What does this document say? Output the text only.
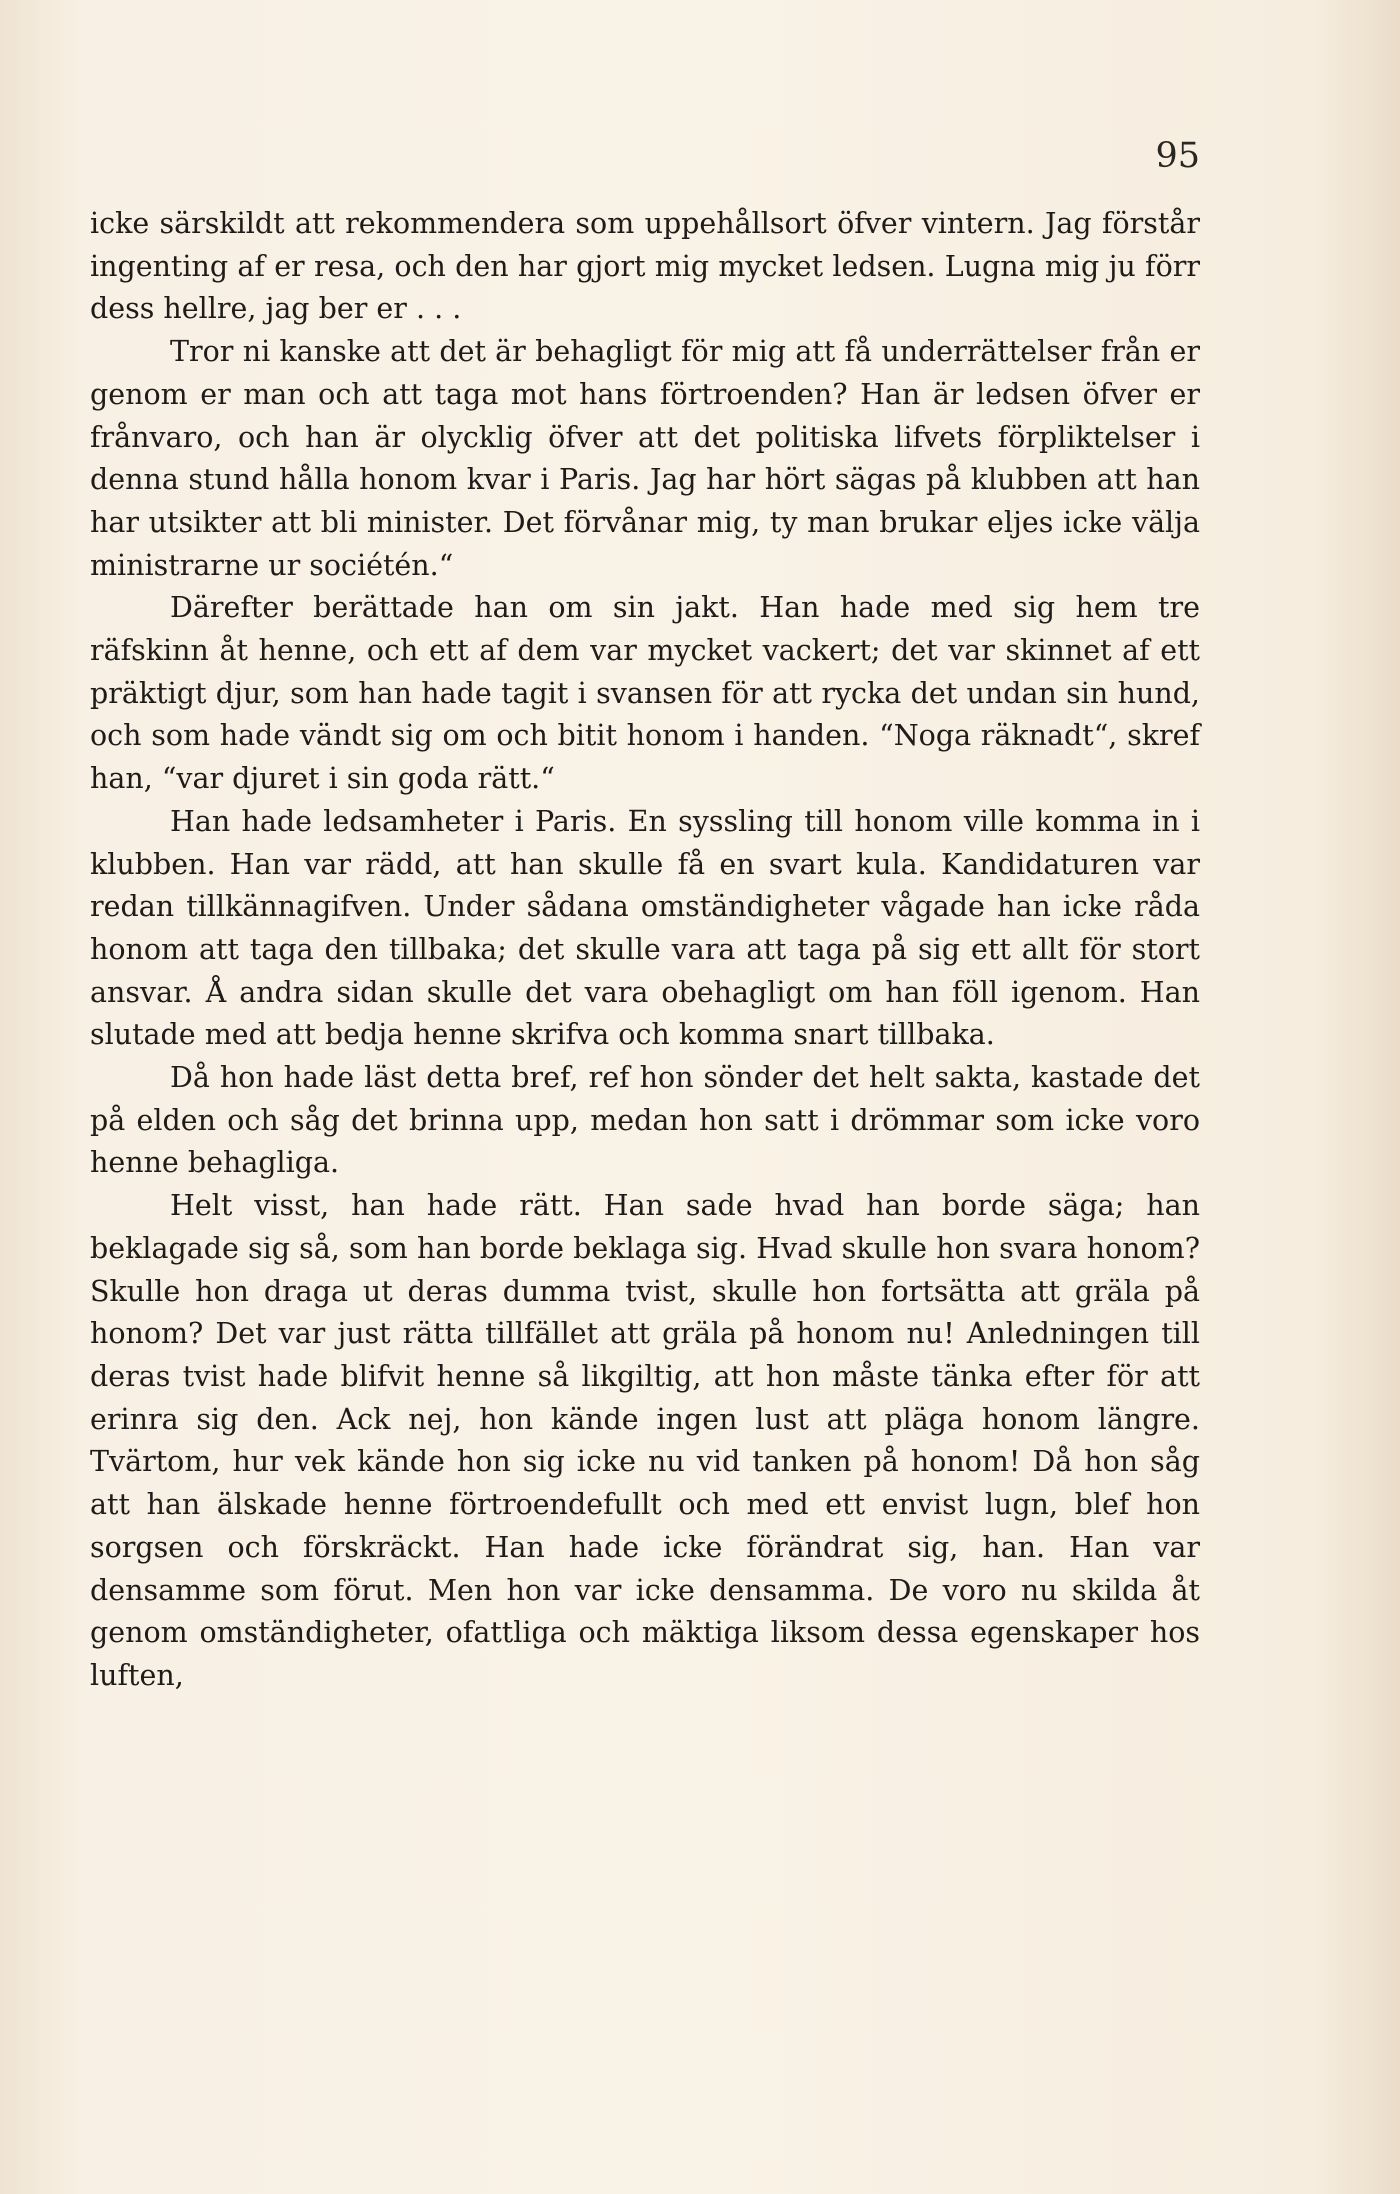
95

icke särskildt att rekommendera som uppehållsort öfver vintern. Jag förstår ingenting af er resa, och den har gjort mig mycket ledsen. Lugna mig ju förr dess hellre, jag ber er . . .

Tror ni kanske att det är behagligt för mig att få underrättelser från er genom er man och att taga mot hans förtroenden? Han är ledsen öfver er frånvaro, och han är olycklig öfver att det politiska lifvets förpliktelser i denna stund hålla honom kvar i Paris. Jag har hört sägas på klubben att han har utsikter att bli minister. Det förvånar mig, ty man brukar eljes icke välja ministrarne ur sociétén.“

Därefter berättade han om sin jakt. Han hade med sig hem tre räfskinn åt henne, och ett af dem var mycket vackert; det var skinnet af ett präktigt djur, som han hade tagit i svansen för att rycka det undan sin hund, och som hade vändt sig om och bitit honom i handen. “Noga räknadt“, skref han, “var djuret i sin goda rätt.“

Han hade ledsamheter i Paris. En syssling till honom ville komma in i klubben. Han var rädd, att han skulle få en svart kula. Kandidaturen var redan tillkännagifven. Under sådana omständigheter vågade han icke råda honom att taga den tillbaka; det skulle vara att taga på sig ett allt för stort ansvar. Å andra sidan skulle det vara obehagligt om han föll igenom. Han slutade med att bedja henne skrifva och komma snart tillbaka.

Då hon hade läst detta bref, ref hon sönder det helt sakta, kastade det på elden och såg det brinna upp, medan hon satt i drömmar som icke voro henne behagliga.

Helt visst, han hade rätt. Han sade hvad han borde säga; han beklagade sig så, som han borde beklaga sig. Hvad skulle hon svara honom? Skulle hon draga ut deras dumma tvist, skulle hon fortsätta att gräla på honom? Det var just rätta tillfället att gräla på honom nu! Anledningen till deras tvist hade blifvit henne så likgiltig, att hon måste tänka efter för att erinra sig den. Ack nej, hon kände ingen lust att pläga honom längre. Tvärtom, hur vek kände hon sig icke nu vid tanken på honom! Då hon såg att han älskade henne förtroendefullt och med ett envist lugn, blef hon sorgsen och förskräckt. Han hade icke förändrat sig, han. Han var densamme som förut. Men hon var icke densamma. De voro nu skilda åt genom omständigheter, ofattliga och mäktiga liksom dessa egenskaper hos luften,
